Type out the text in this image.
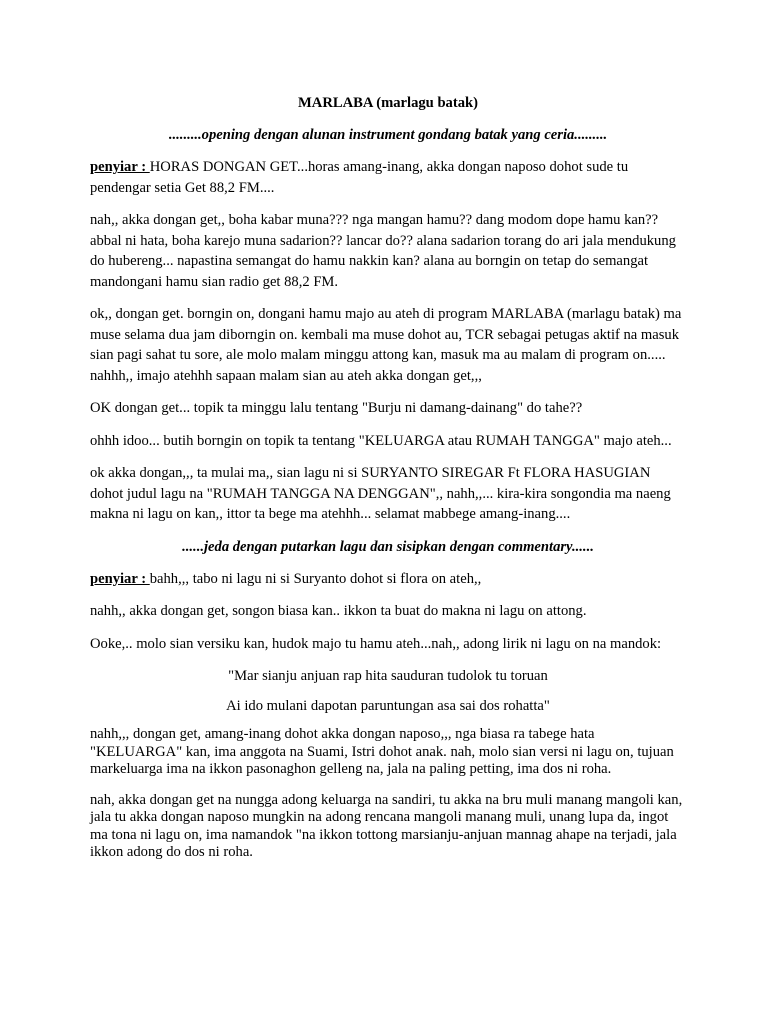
MARLABA (marlagu batak)

.........opening dengan alunan instrument gondang batak yang ceria.........

penyiar : HORAS DONGAN GET...horas amang-inang, akka dongan naposo dohot sude tu pendengar setia Get 88,2 FM....

nah,, akka dongan get,, boha kabar muna??? nga mangan hamu?? dang modom dope hamu kan?? abbal ni hata, boha karejo muna sadarion?? lancar do?? alana sadarion torang do ari jala mendukung do hubereng... napastina semangat do hamu nakkin kan? alana au borngin on tetap do semangat mandongani hamu sian radio get 88,2 FM.

ok,, dongan get. borngin on, dongani hamu majo au ateh di program MARLABA (marlagu batak) ma muse selama dua jam diborngin on. kembali ma muse dohot au, TCR sebagai petugas aktif na masuk sian pagi sahat tu sore, ale molo malam minggu attong kan, masuk ma au malam di program on..... nahhh,, imajo atehhh sapaan malam sian au ateh akka dongan get,,,

OK dongan get... topik ta minggu lalu tentang "Burju ni damang-dainang" do tahe??

ohhh idoo... butih borngin on topik ta tentang "KELUARGA atau RUMAH TANGGA" majo ateh...

ok akka dongan,,, ta mulai ma,, sian lagu ni si SURYANTO SIREGAR Ft FLORA HASUGIAN dohot judul lagu na "RUMAH TANGGA NA DENGGAN",, nahh,,... kira-kira songondia ma naeng makna ni lagu on kan,, ittor ta bege ma atehhh... selamat mabbege amang-inang....

......jeda dengan putarkan lagu dan sisipkan dengan commentary......

penyiar : bahh,,, tabo ni lagu ni si Suryanto dohot si flora on ateh,,

nahh,, akka dongan get, songon biasa kan.. ikkon ta buat do makna ni lagu on attong.

Ooke,.. molo sian versiku kan, hudok majo tu hamu ateh...nah,, adong lirik ni lagu on na mandok:

"Mar sianju anjuan rap hita sauduran tudolok tu toruan

Ai ido mulani dapotan paruntungan asa sai dos rohatta"

nahh,,, dongan get, amang-inang dohot akka dongan naposo,,, nga biasa ra tabege hata "KELUARGA" kan, ima anggota na Suami, Istri dohot anak. nah, molo sian versi ni lagu on, tujuan markeluarga ima na ikkon pasonaghon gelleng na, jala na paling petting, ima dos ni roha.

nah, akka dongan get na nungga adong keluarga na sandiri, tu akka na bru muli manang mangoli kan, jala tu akka dongan naposo mungkin na adong rencana mangoli manang muli, unang lupa da, ingot ma tona ni lagu on, ima namandok "na ikkon tottong marsianju-anjuan mannag ahape na terjadi, jala ikkon adong do dos ni roha.
